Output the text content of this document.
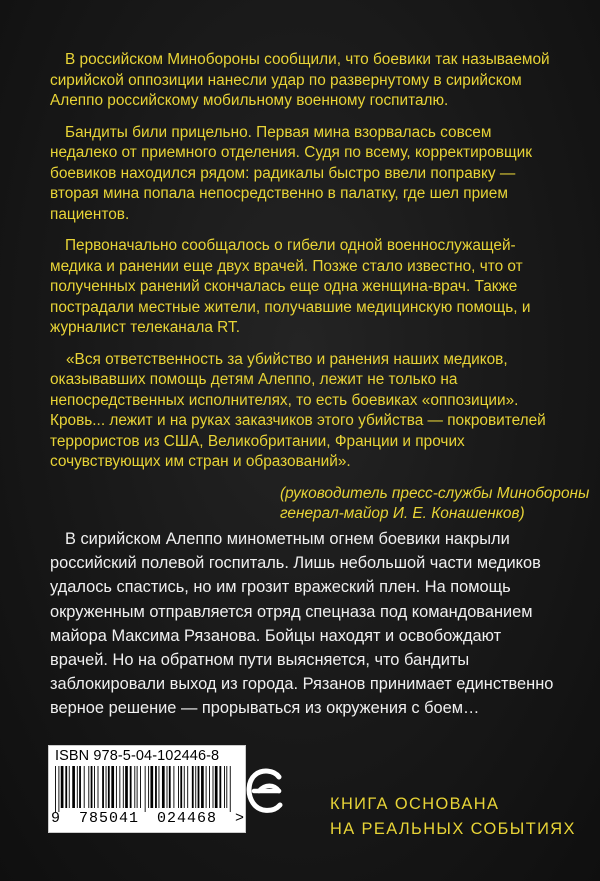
В российском Минобороны сообщили, что боевики так называемой сирийской оппозиции нанесли удар по развернутому в сирийском Алеппо российскому мобильному военному госпиталю.

Бандиты били прицельно. Первая мина взорвалась совсем недалеко от приемного отделения. Судя по всему, корректировщик боевиков находился рядом: радикалы быстро ввели поправку — вторая мина попала непосредственно в палатку, где шел прием пациентов.

Первоначально сообщалось о гибели одной военнослужащей-медика и ранении еще двух врачей. Позже стало известно, что от полученных ранений скончалась еще одна женщина-врач. Также пострадали местные жители, получавшие медицинскую помощь, и журналист телеканала RT.

«Вся ответственность за убийство и ранения наших медиков, оказывавших помощь детям Алеппо, лежит не только на непосредственных исполнителях, то есть боевиках «оппозиции». Кровь... лежит и на руках заказчиков этого убийства — покровителей террористов из США, Великобритании, Франции и прочих сочувствующих им стран и образований».

(руководитель пресс-службы Минобороны
генерал-майор И. Е. Конашенков)

В сирийском Алеппо минометным огнем боевики накрыли российский полевой госпиталь. Лишь небольшой части медиков удалось спастись, но им грозит вражеский плен. На помощь окруженным отправляется отряд спецназа под командованием майора Максима Рязанова. Бойцы находят и освобождают врачей. Но на обратном пути выясняется, что бандиты заблокировали выход из города. Рязанов принимает единственно верное решение — прорываться из окружения с боем…

ISBN 978-5-04-102446-8
9 785041 024468 >
КНИГА ОСНОВАНА
НА РЕАЛЬНЫХ СОБЫТИЯХ
